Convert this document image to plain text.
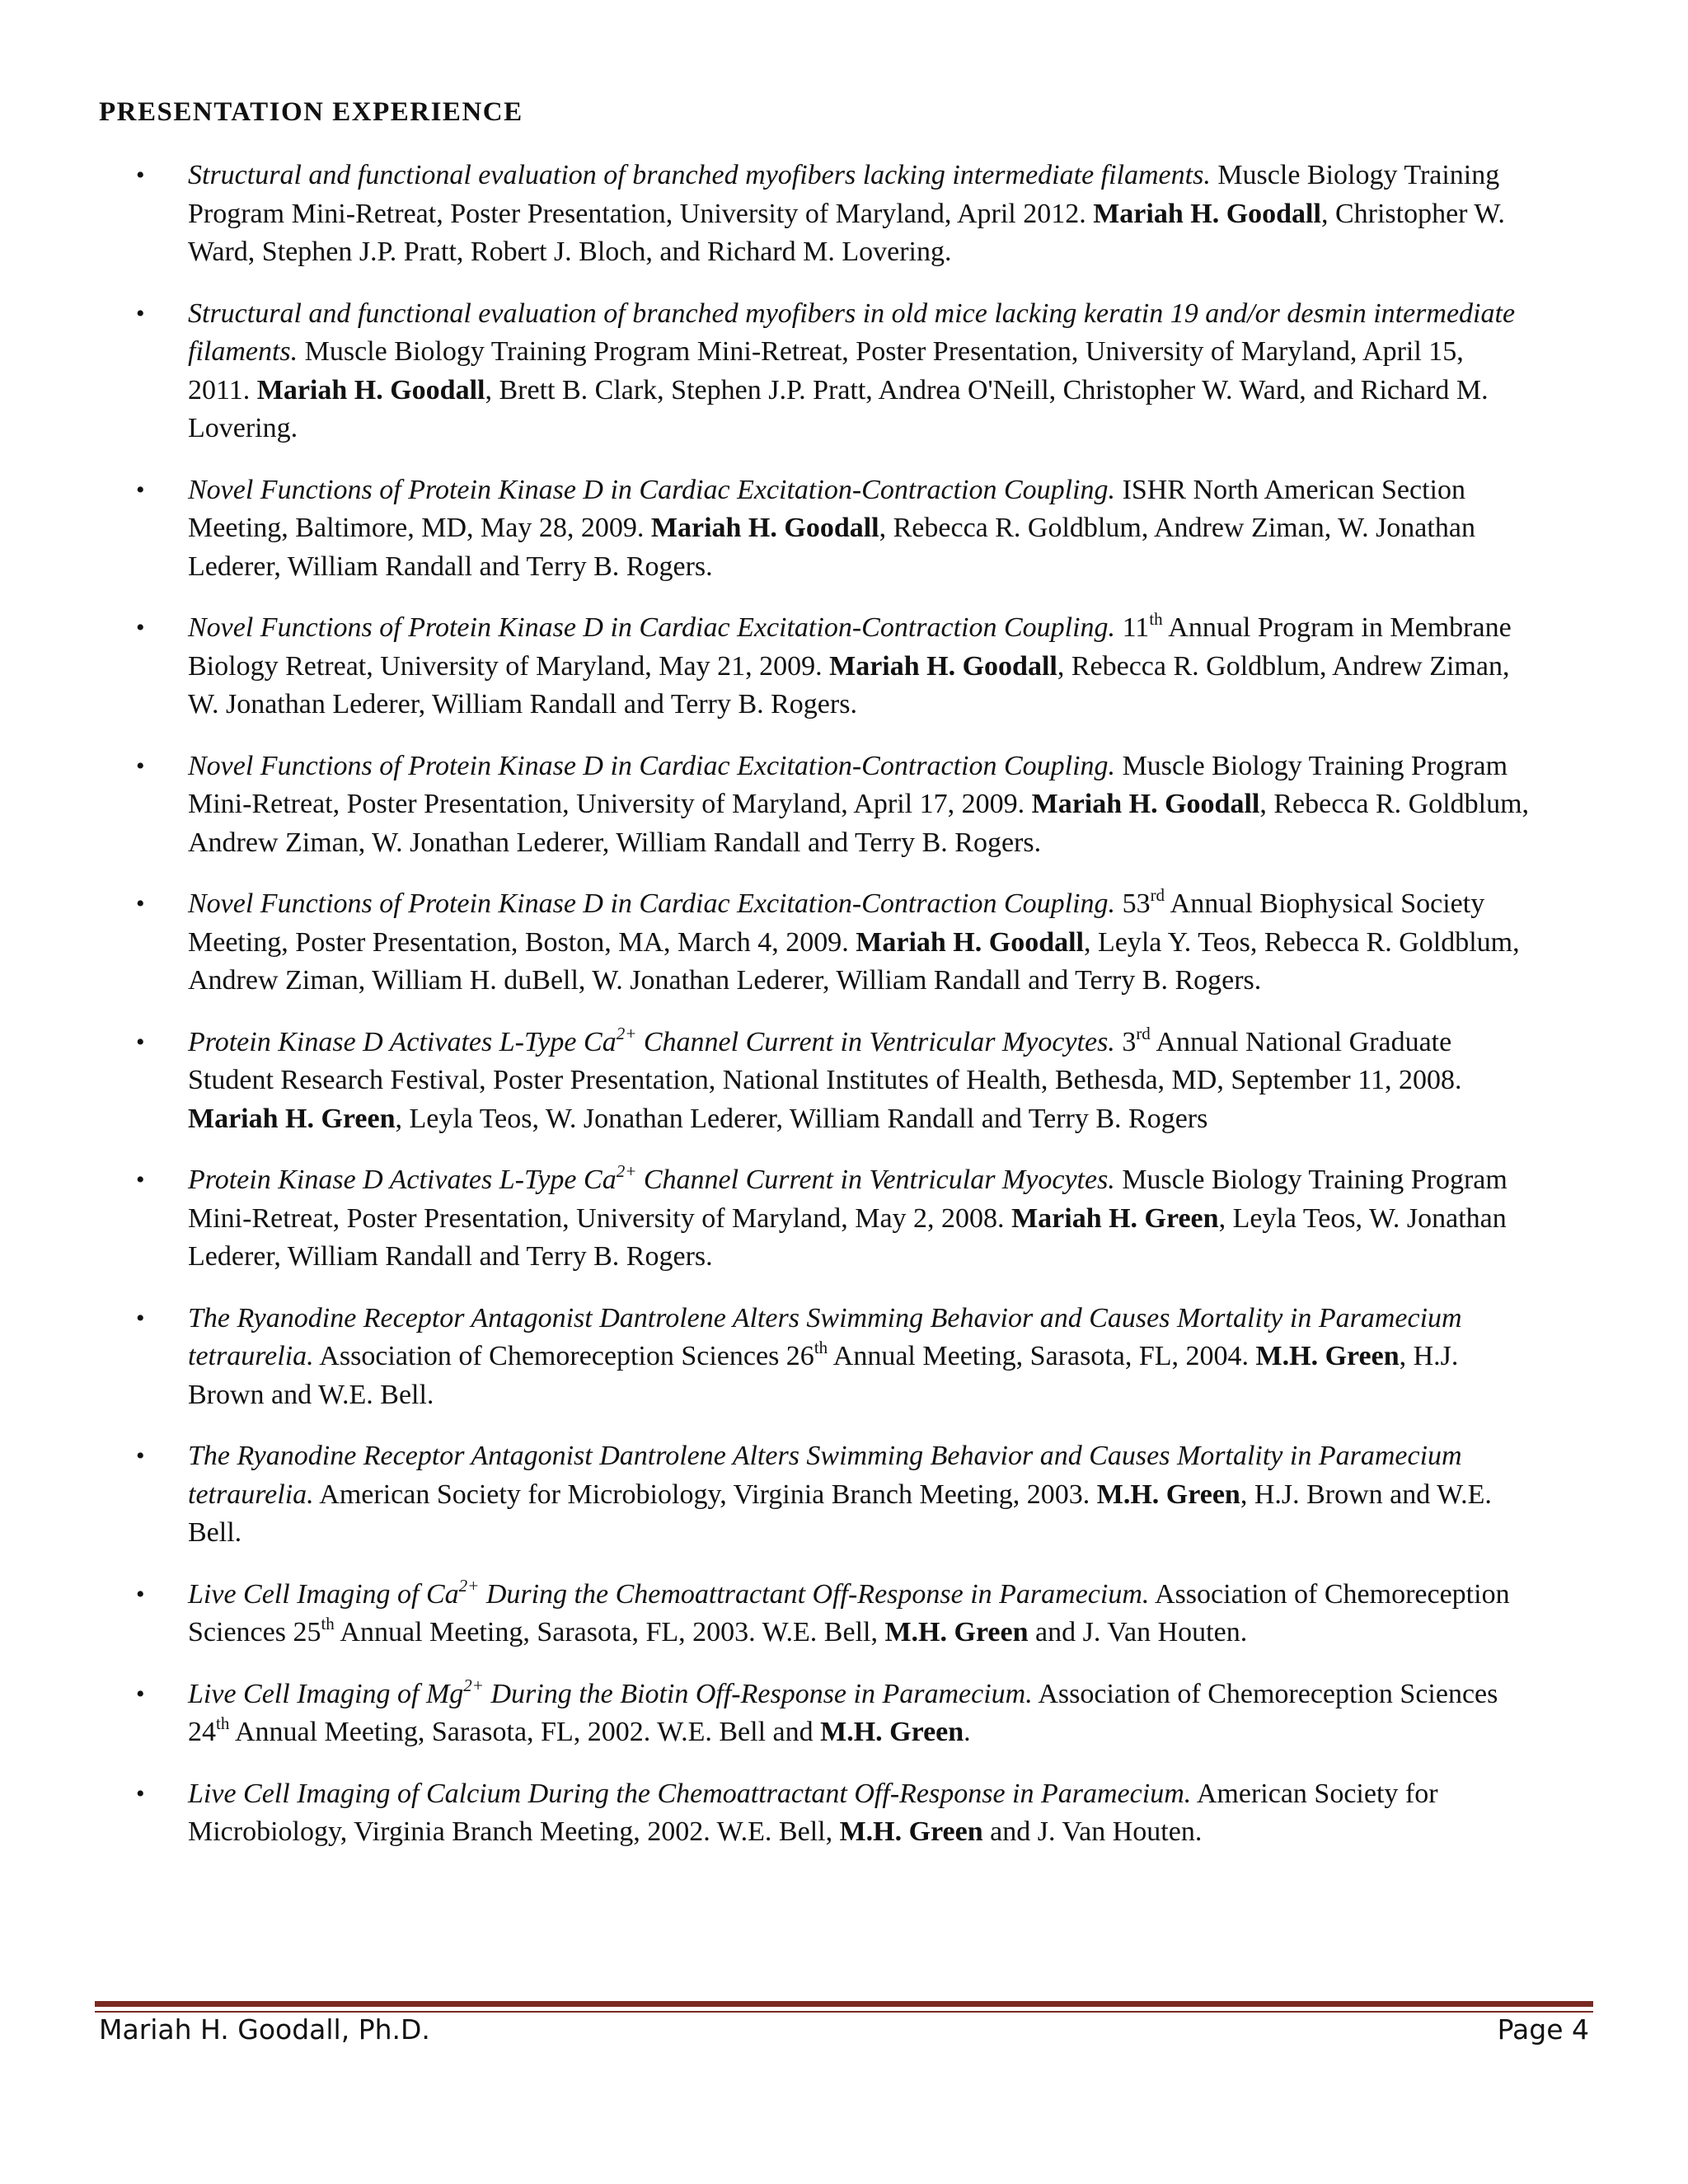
PRESENTATION EXPERIENCE
• Structural and functional evaluation of branched myofibers lacking intermediate filaments. Muscle Biology Training Program Mini-Retreat, Poster Presentation, University of Maryland, April 2012. Mariah H. Goodall, Christopher W. Ward, Stephen J.P. Pratt, Robert J. Bloch, and Richard M. Lovering.
• Structural and functional evaluation of branched myofibers in old mice lacking keratin 19 and/or desmin intermediate filaments. Muscle Biology Training Program Mini-Retreat, Poster Presentation, University of Maryland, April 15, 2011. Mariah H. Goodall, Brett B. Clark, Stephen J.P. Pratt, Andrea O'Neill, Christopher W. Ward, and Richard M. Lovering.
• Novel Functions of Protein Kinase D in Cardiac Excitation-Contraction Coupling. ISHR North American Section Meeting, Baltimore, MD, May 28, 2009. Mariah H. Goodall, Rebecca R. Goldblum, Andrew Ziman, W. Jonathan Lederer, William Randall and Terry B. Rogers.
• Novel Functions of Protein Kinase D in Cardiac Excitation-Contraction Coupling. 11th Annual Program in Membrane Biology Retreat, University of Maryland, May 21, 2009. Mariah H. Goodall, Rebecca R. Goldblum, Andrew Ziman, W. Jonathan Lederer, William Randall and Terry B. Rogers.
• Novel Functions of Protein Kinase D in Cardiac Excitation-Contraction Coupling. Muscle Biology Training Program Mini-Retreat, Poster Presentation, University of Maryland, April 17, 2009. Mariah H. Goodall, Rebecca R. Goldblum, Andrew Ziman, W. Jonathan Lederer, William Randall and Terry B. Rogers.
• Novel Functions of Protein Kinase D in Cardiac Excitation-Contraction Coupling. 53rd Annual Biophysical Society Meeting, Poster Presentation, Boston, MA, March 4, 2009. Mariah H. Goodall, Leyla Y. Teos, Rebecca R. Goldblum, Andrew Ziman, William H. duBell, W. Jonathan Lederer, William Randall and Terry B. Rogers.
• Protein Kinase D Activates L-Type $Ca^{2+}$ Channel Current in Ventricular Myocytes. 3rd Annual National Graduate Student Research Festival, Poster Presentation, National Institutes of Health, Bethesda, MD, September 11, 2008. Mariah H. Green, Leyla Teos, W. Jonathan Lederer, William Randall and Terry B. Rogers
• Protein Kinase D Activates L-Type $Ca^{2+}$ Channel Current in Ventricular Myocytes. Muscle Biology Training Program Mini-Retreat, Poster Presentation, University of Maryland, May 2, 2008. Mariah H. Green, Leyla Teos, W. Jonathan Lederer, William Randall and Terry B. Rogers.
• The Ryanodine Receptor Antagonist Dantrolene Alters Swimming Behavior and Causes Mortality in Paramecium tetraurelia. Association of Chemoreception Sciences 26th Annual Meeting, Sarasota, FL, 2004. M.H. Green, H.J. Brown and W.E. Bell.
• The Ryanodine Receptor Antagonist Dantrolene Alters Swimming Behavior and Causes Mortality in Paramecium tetraurelia. American Society for Microbiology, Virginia Branch Meeting, 2003. M.H. Green, H.J. Brown and W.E. Bell.
• Live Cell Imaging of $Ca^{2+}$ During the Chemoattractant Off-Response in Paramecium. Association of Chemoreception Sciences 25th Annual Meeting, Sarasota, FL, 2003. W.E. Bell, M.H. Green and J. Van Houten.
• Live Cell Imaging of $Mg^{2+}$ During the Biotin Off-Response in Paramecium. Association of Chemoreception Sciences 24th Annual Meeting, Sarasota, FL, 2002. W.E. Bell and M.H. Green.
• Live Cell Imaging of Calcium During the Chemoattractant Off-Response in Paramecium. American Society for Microbiology, Virginia Branch Meeting, 2002. W.E. Bell, M.H. Green and J. Van Houten.
Mariah H. Goodall, Ph.D.	Page 4
